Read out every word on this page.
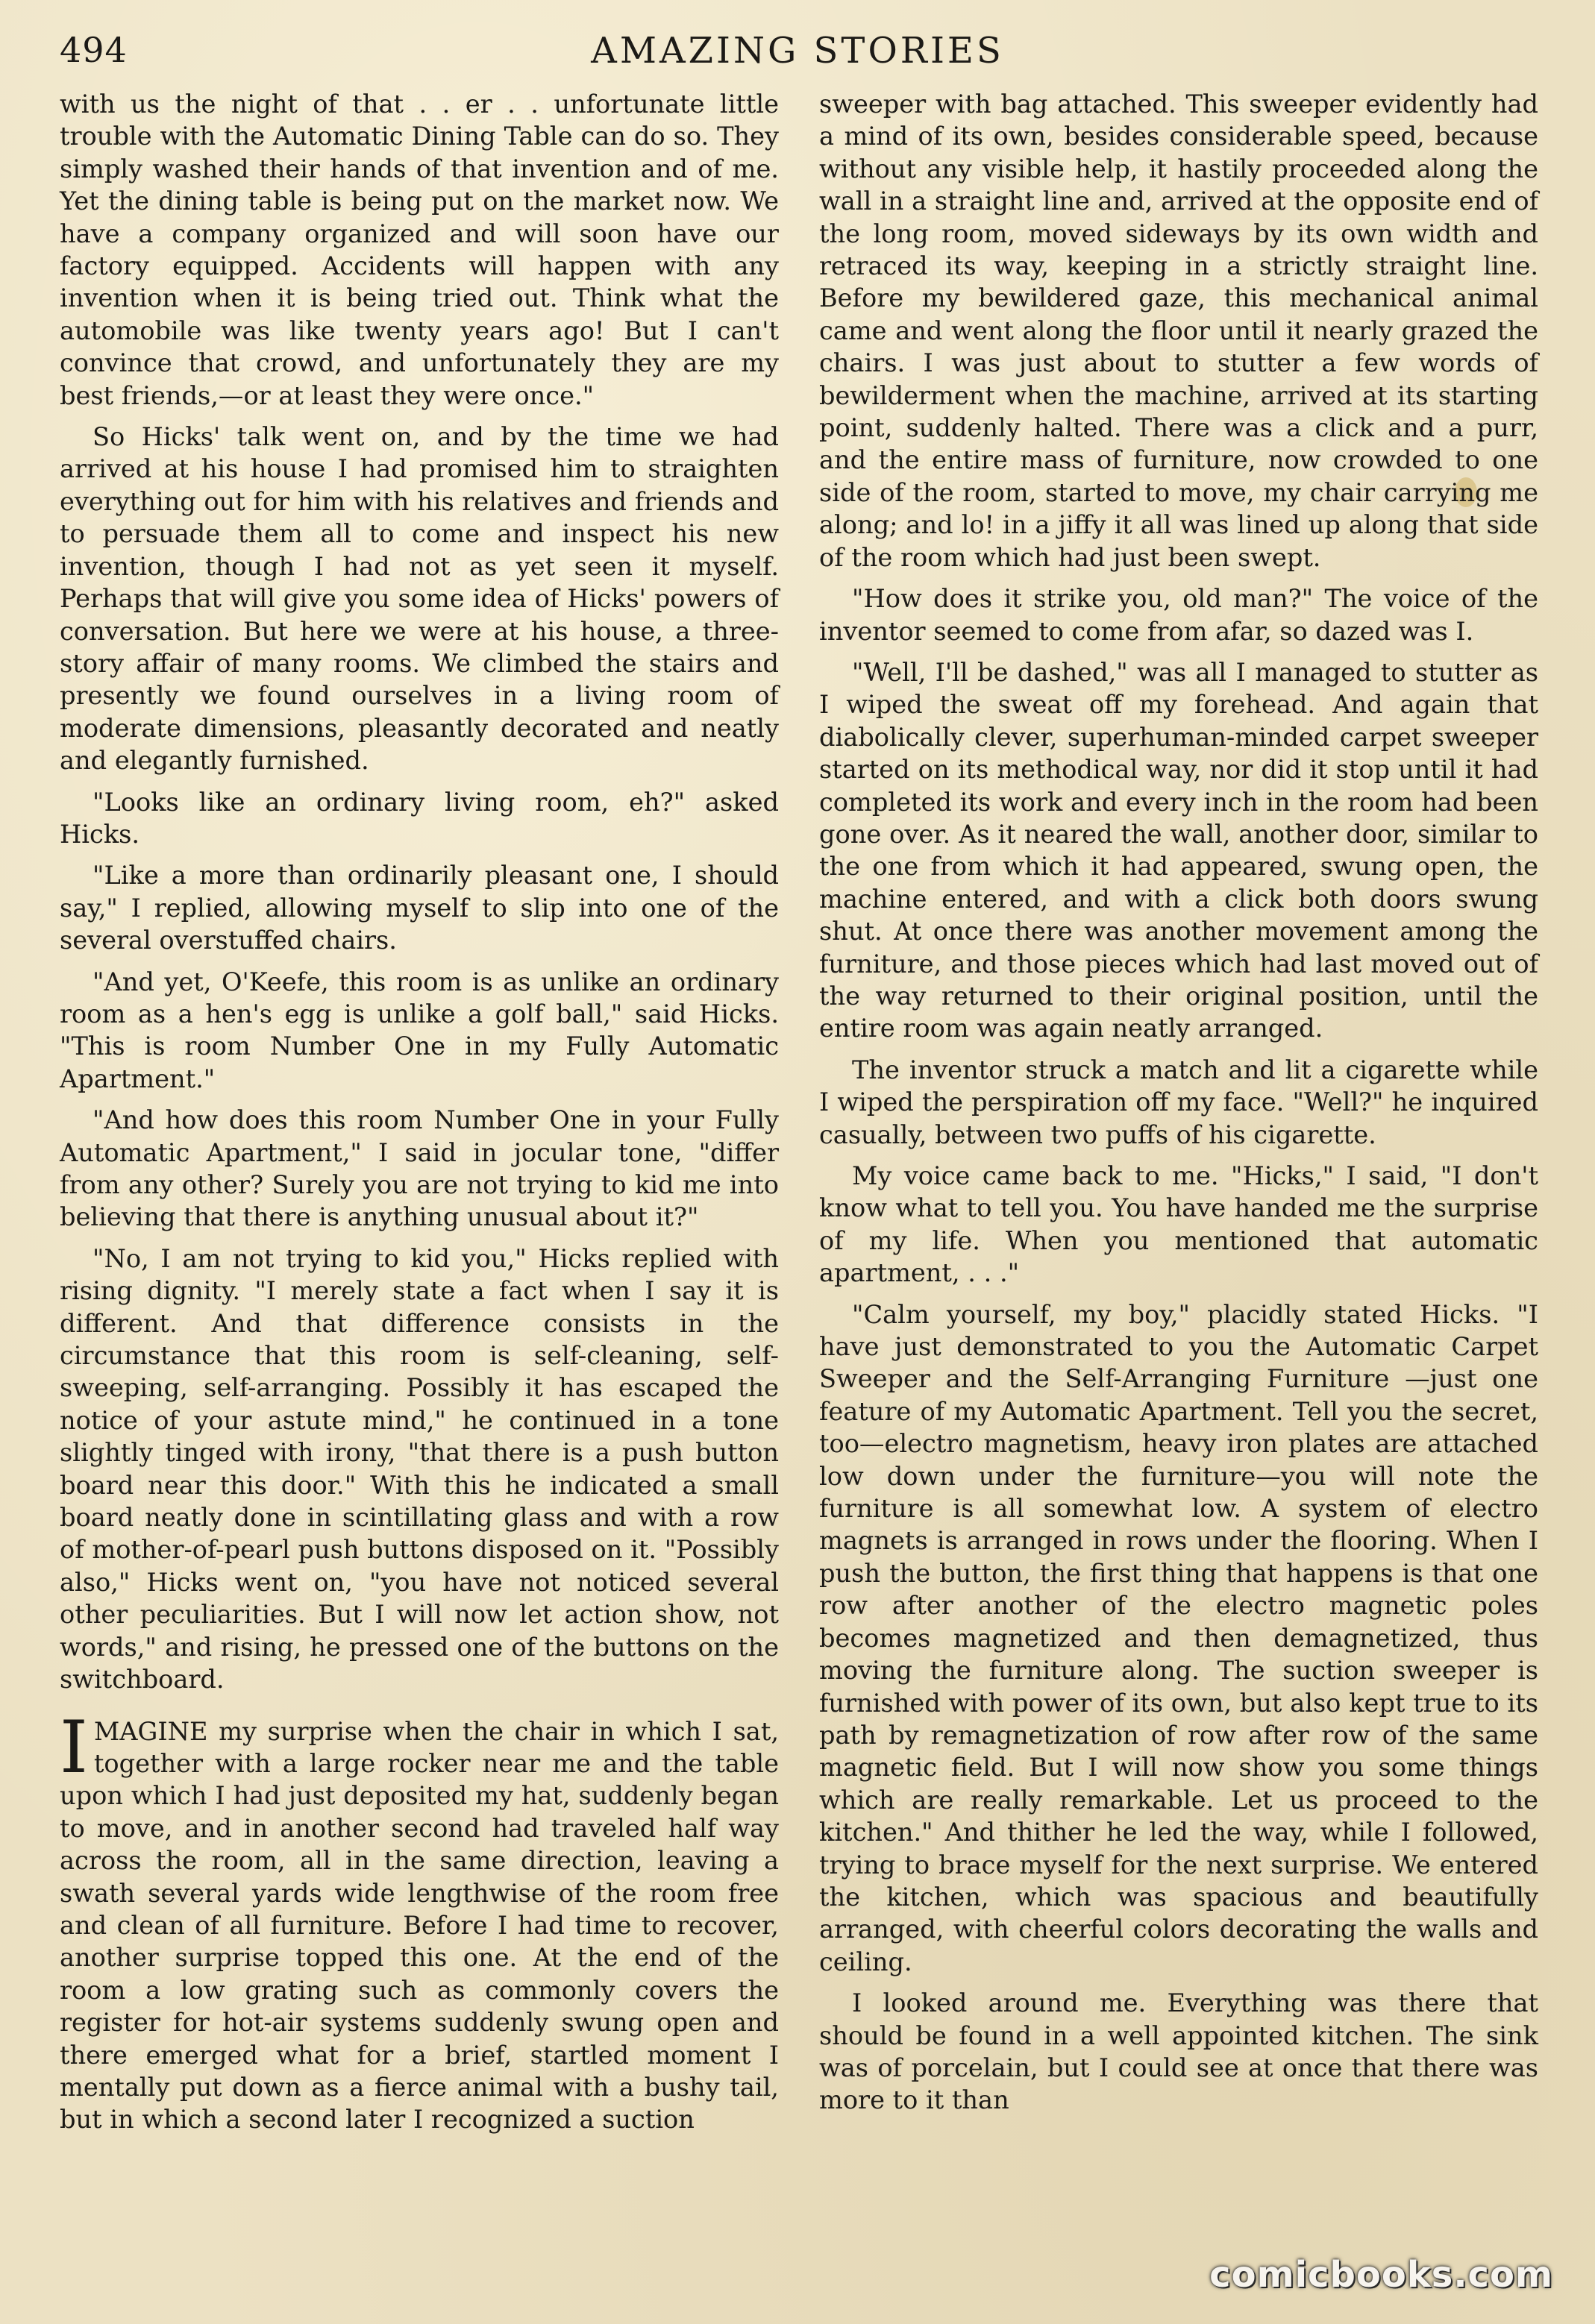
494	AMAZING STORIES

with us the night of that . . er . . unfortunate little trouble with the Automatic Dining Table can do so. They simply washed their hands of that invention and of me. Yet the dining table is being put on the market now. We have a company organized and will soon have our factory equipped. Accidents will happen with any invention when it is being tried out. Think what the automobile was like twenty years ago! But I can't convince that crowd, and unfortunately they are my best friends,—or at least they were once."

So Hicks' talk went on, and by the time we had arrived at his house I had promised him to straighten everything out for him with his relatives and friends and to persuade them all to come and inspect his new invention, though I had not as yet seen it myself. Perhaps that will give you some idea of Hicks' powers of conversation. But here we were at his house, a three-story affair of many rooms. We climbed the stairs and presently we found ourselves in a living room of moderate dimensions, pleasantly decorated and neatly and elegantly furnished.

"Looks like an ordinary living room, eh?" asked Hicks.

"Like a more than ordinarily pleasant one, I should say," I replied, allowing myself to slip into one of the several overstuffed chairs.

"And yet, O'Keefe, this room is as unlike an ordinary room as a hen's egg is unlike a golf ball," said Hicks. "This is room Number One in my Fully Automatic Apartment."

"And how does this room Number One in your Fully Automatic Apartment," I said in jocular tone, "differ from any other? Surely you are not trying to kid me into believing that there is anything unusual about it?"

"No, I am not trying to kid you," Hicks replied with rising dignity. "I merely state a fact when I say it is different. And that difference consists in the circumstance that this room is self-cleaning, self-sweeping, self-arranging. Possibly it has escaped the notice of your astute mind," he continued in a tone slightly tinged with irony, "that there is a push button board near this door." With this he indicated a small board neatly done in scintillating glass and with a row of mother-of-pearl push buttons disposed on it. "Possibly also," Hicks went on, "you have not noticed several other peculiarities. But I will now let action show, not words," and rising, he pressed one of the buttons on the switchboard.

IMAGINE my surprise when the chair in which I sat, together with a large rocker near me and the table upon which I had just deposited my hat, suddenly began to move, and in another second had traveled half way across the room, all in the same direction, leaving a swath several yards wide lengthwise of the room free and clean of all furniture. Before I had time to recover, another surprise topped this one. At the end of the room a low grating such as commonly covers the register for hot-air systems suddenly swung open and there emerged what for a brief, startled moment I mentally put down as a fierce animal with a bushy tail, but in which a second later I recognized a suction

sweeper with bag attached. This sweeper evidently had a mind of its own, besides considerable speed, because without any visible help, it hastily proceeded along the wall in a straight line and, arrived at the opposite end of the long room, moved sideways by its own width and retraced its way, keeping in a strictly straight line. Before my bewildered gaze, this mechanical animal came and went along the floor until it nearly grazed the chairs. I was just about to stutter a few words of bewilderment when the machine, arrived at its starting point, suddenly halted. There was a click and a purr, and the entire mass of furniture, now crowded to one side of the room, started to move, my chair carrying me along; and lo! in a jiffy it all was lined up along that side of the room which had just been swept.

"How does it strike you, old man?" The voice of the inventor seemed to come from afar, so dazed was I.

"Well, I'll be dashed," was all I managed to stutter as I wiped the sweat off my forehead. And again that diabolically clever, superhuman-minded carpet sweeper started on its methodical way, nor did it stop until it had completed its work and every inch in the room had been gone over. As it neared the wall, another door, similar to the one from which it had appeared, swung open, the machine entered, and with a click both doors swung shut. At once there was another movement among the furniture, and those pieces which had last moved out of the way returned to their original position, until the entire room was again neatly arranged.

The inventor struck a match and lit a cigarette while I wiped the perspiration off my face. "Well?" he inquired casually, between two puffs of his cigarette.

My voice came back to me. "Hicks," I said, "I don't know what to tell you. You have handed me the surprise of my life. When you mentioned that automatic apartment, . . ."

"Calm yourself, my boy," placidly stated Hicks. "I have just demonstrated to you the Automatic Carpet Sweeper and the Self-Arranging Furniture —just one feature of my Automatic Apartment. Tell you the secret, too—electro magnetism, heavy iron plates are attached low down under the furniture—you will note the furniture is all somewhat low. A system of electro magnets is arranged in rows under the flooring. When I push the button, the first thing that happens is that one row after another of the electro magnetic poles becomes magnetized and then demagnetized, thus moving the furniture along. The suction sweeper is furnished with power of its own, but also kept true to its path by remagnetization of row after row of the same magnetic field. But I will now show you some things which are really remarkable. Let us proceed to the kitchen." And thither he led the way, while I followed, trying to brace myself for the next surprise. We entered the kitchen, which was spacious and beautifully arranged, with cheerful colors decorating the walls and ceiling.

I looked around me. Everything was there that should be found in a well appointed kitchen. The sink was of porcelain, but I could see at once that there was more to it than

comicbooks.com
